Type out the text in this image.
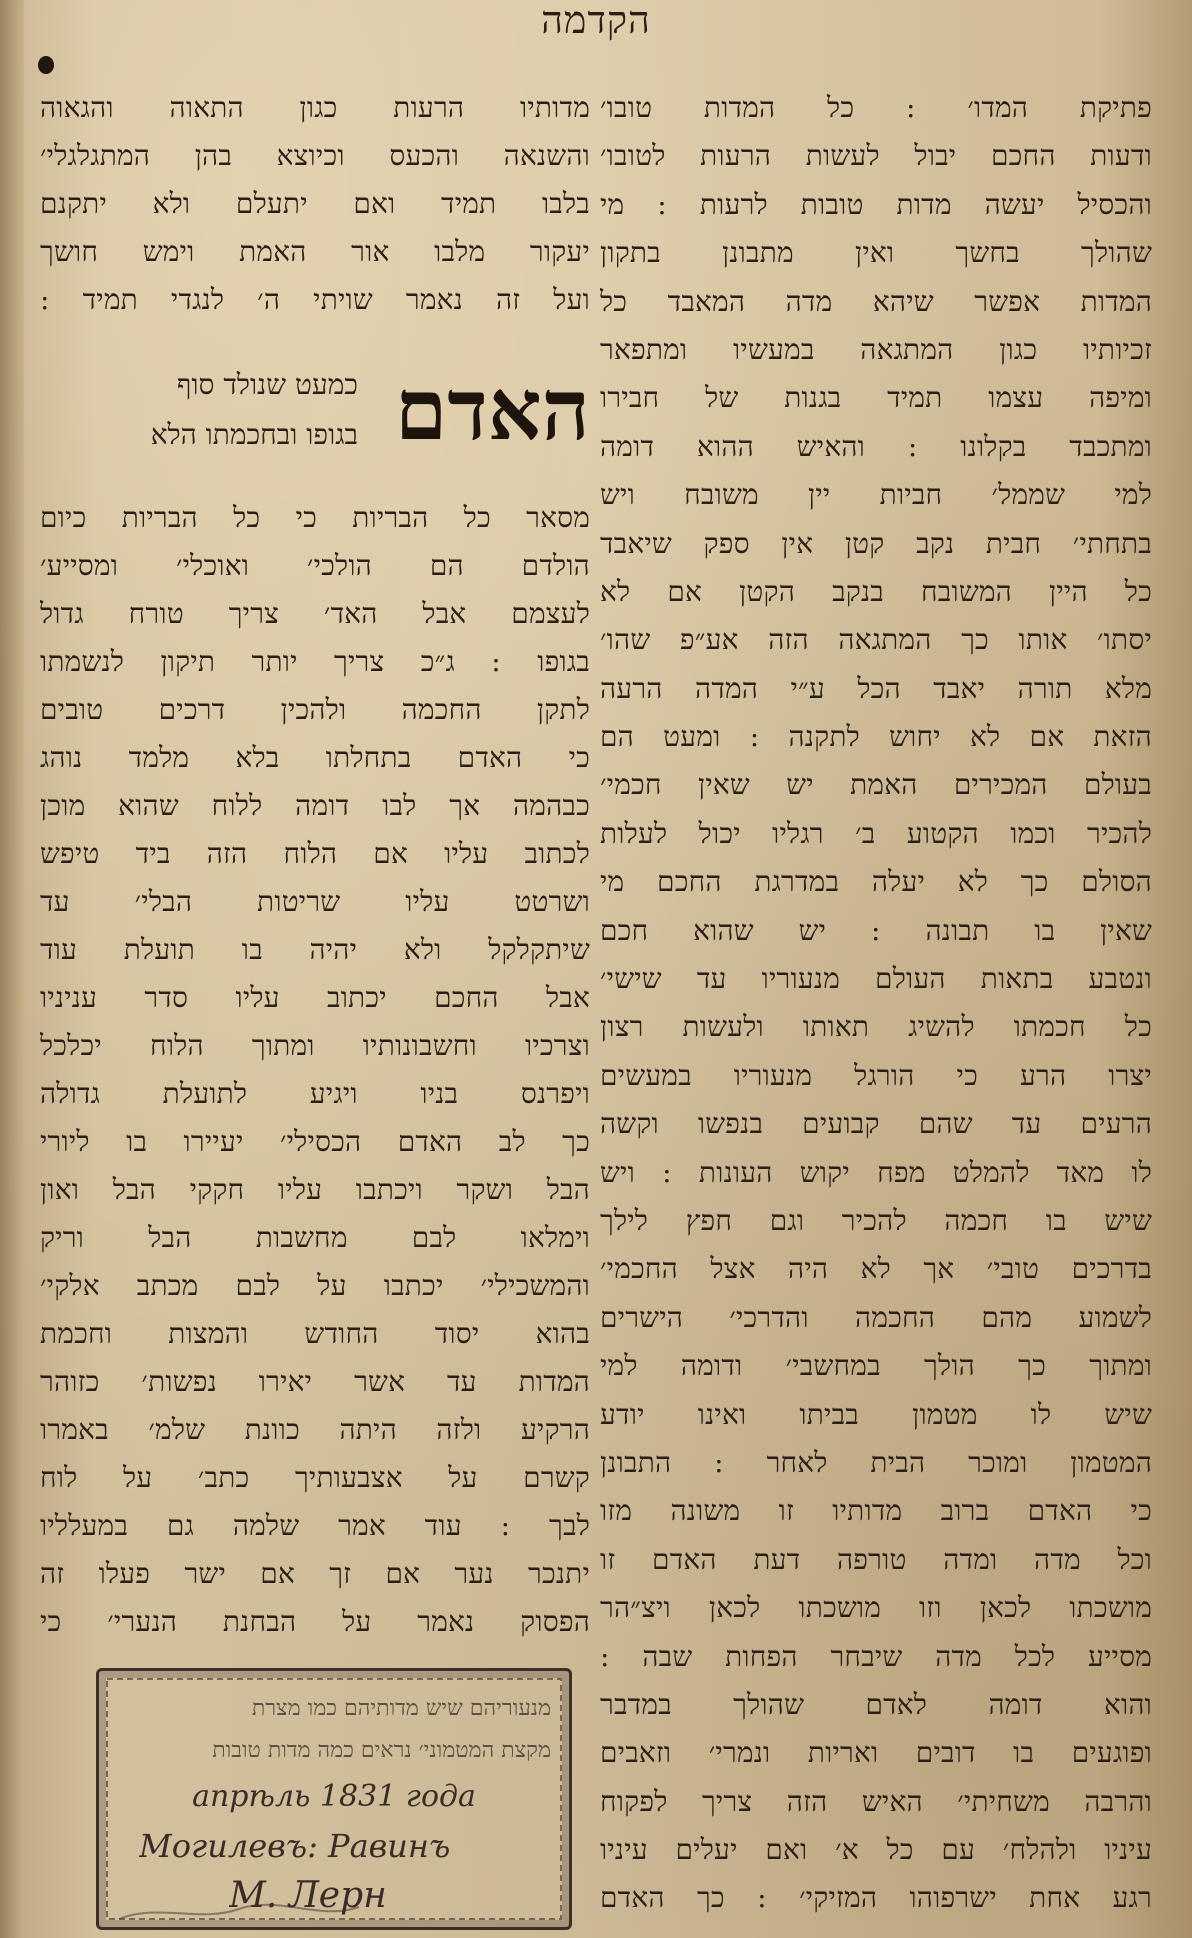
הקדמה
פתיקת המדו׳ : כל המדות טובו׳
ודעות החכם יבול לעשות הרעות לטובו׳
והכסיל יעשה מדות טובות לרעות : מי
שהולך בחשך ואין מתבונן בתקון
המדות אפשר שיהא מדה המאבד כל
זכיותיו כגון המתגאה במעשיו ומתפאר
ומיפה עצמו תמיד בגנות של חבירו
ומתכבד בקלונו : והאיש ההוא דומה
למי שממל׳ חביות יין משובח ויש
בתחתי׳ חבית נקב קטן אין ספק שיאבד
כל היין המשובח בנקב הקטן אם לא
יסתו׳ אותו כך המתגאה הזה אע״פ שהו׳
מלא תורה יאבד הכל ע״י המדה הרעה
הזאת אם לא יחוש לתקנה : ומעט הם
בעולם המכירים האמת יש שאין חכמי׳
להכיר וכמו הקטוע ב׳ רגליו יכול לעלות
הסולם כך לא יעלה במדרגת החכם מי
שאין בו תבונה : יש שהוא חכם
ונטבע בתאות העולם מנעוריו עד שישי׳
כל חכמתו להשיג תאותו ולעשות רצון
יצרו הרע כי הורגל מנעוריו במעשים
הרעים עד שהם קבועים בנפשו וקשה
לו מאד להמלט מפח יקוש העונות : ויש
שיש בו חכמה להכיר וגם חפץ לילך
בדרכים טובי׳ אך לא היה אצל החכמי׳
לשמוע מהם החכמה והדרכי׳ הישרים
ומתוך כך הולך במחשבי׳ ודומה למי
שיש לו מטמון בביתו ואינו יודע
המטמון ומוכר הבית לאחר : התבונן
כי האדם ברוב מדותיו זו משונה מזו
וכל מדה ומדה טורפה דעת האדם זו
מושכתו לכאן וזו מושכתו לכאן ויצ״הר
מסייע לכל מדה שיבחר הפחות שבה :
והוא דומה לאדם שהולך במדבר
ופוגעים בו דובים ואריות ונמרי׳ וזאבים
והרבה משחיתי׳ האיש הזה צריך לפקוח
עיניו ולהלח׳ עם כל א׳ ואם יעלים עיניו
רגע אחת ישרפוהו המזיקי׳ : כך האדם
מדותיו הרעות כגון התאוה והגאוה
והשנאה והכעס וכיוצא בהן המתגלגלי׳
בלבו תמיד ואם יתעלם ולא יתקנם
יעקור מלבו אור האמת וימש חושך
ועל זה נאמר שויתי ה׳ לנגדי תמיד :
האדם
כמעט שנולד סוף
בגופו ובחכמתו הלא
מסאר כל הבריות כי כל הבריות כיום
הולדם הם הולכי׳ ואוכלי׳ ומסייע׳
לעצמם אבל האד׳ צריך טורח גדול
בגופו : ג״כ צריך יותר תיקון לנשמתו
לתקן החכמה ולהכין דרכים טובים
כי האדם בתחלתו בלא מלמד נוהג
כבהמה אך לבו דומה ללוח שהוא מוכן
לכתוב עליו אם הלוח הזה ביד טיפש
ושרטט עליו שריטות הבלי׳ עד
שיתקלקל ולא יהיה בו תועלת עוד
אבל החכם יכתוב עליו סדר עניניו
וצרכיו וחשבונותיו ומתוך הלוח יכלכל
ויפרנס בניו ויגיע לתועלת גדולה
כך לב האדם הכסילי׳ יעיירו בו ליורי
הבל ושקר ויכתבו עליו חקקי הבל ואון
וימלאו לבם מחשבות הבל וריק
והמשכילי׳ יכתבו על לבם מכתב אלקי׳
בהוא יסוד החודש והמצות וחכמת
המדות עד אשר יאירו נפשות׳ כזוהר
הרקיע ולזה היתה כוונת שלמ׳ באמרו
קשרם על אצבעותיך כתב׳ על לוח
לבך : עוד אמר שלמה גם במעלליו
יתנכר נער אם זך אם ישר פעלו זה
הפסוק נאמר על הבחנת הנערי׳ כי
מנעוריהם שיש מדותיהם כמו מצרת
מקצת המטמוני׳ נראים כמה מדות טובות
апрѣль 1831 года
Могилевъ: Равинъ
М. Лерн
